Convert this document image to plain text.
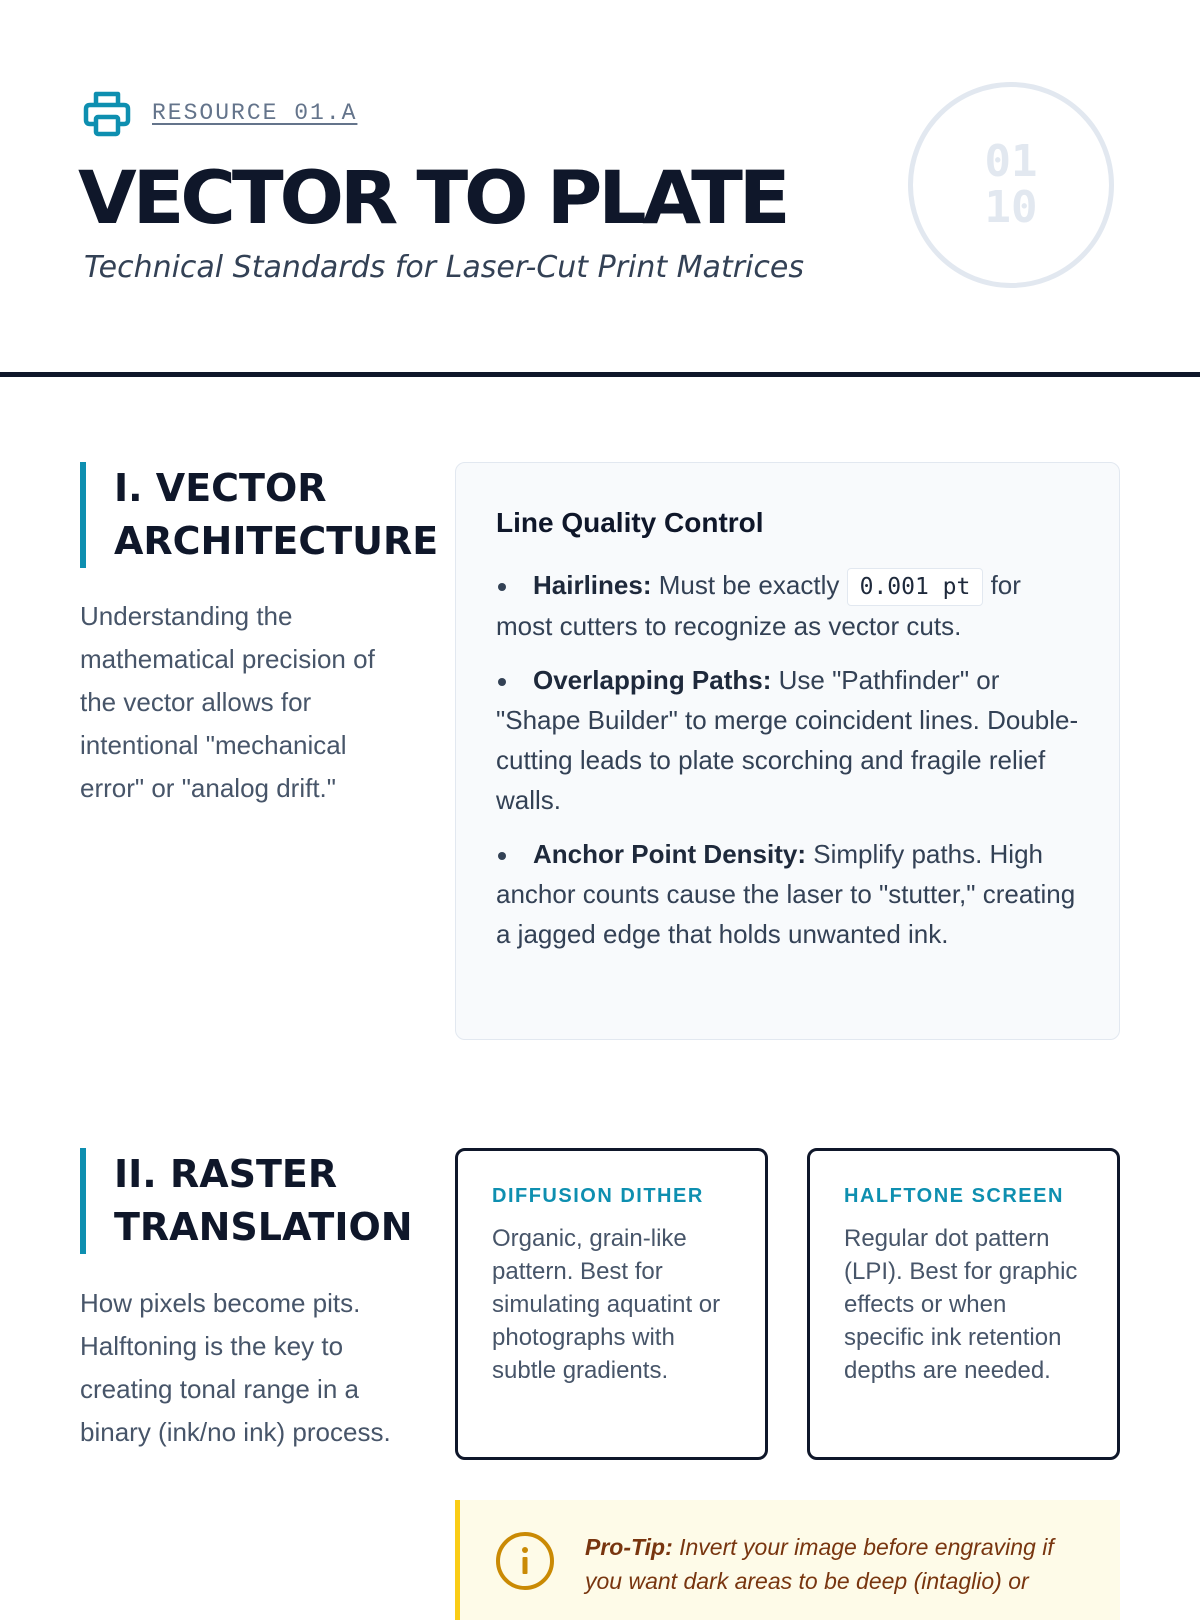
RESOURCE 01.A
VECTOR TO PLATE

Technical Standards for Laser-Cut Print Matrices

01
10
I. VECTOR
ARCHITECTURE

Understanding the mathematical precision of the vector allows for intentional "mechanical error" or "analog drift."

Line Quality Control
Hairlines: Must be exactly 0.001 pt for most cutters to recognize as vector cuts.
Overlapping Paths: Use "Pathfinder" or "Shape Builder" to merge coincident lines. Double-cutting leads to plate scorching and fragile relief walls.
Anchor Point Density: Simplify paths. High anchor counts cause the laser to "stutter," creating a jagged edge that holds unwanted ink.
II. RASTER
TRANSLATION

How pixels become pits. Halftoning is the key to creating tonal range in a binary (ink/no ink) process.

DIFFUSION DITHER

Organic, grain-like pattern. Best for simulating aquatint or photographs with subtle gradients.

HALFTONE SCREEN

Regular dot pattern (LPI). Best for graphic effects or when specific ink retention depths are needed.

Pro-Tip: Invert your image before engraving if you want dark areas to be deep (intaglio) or
